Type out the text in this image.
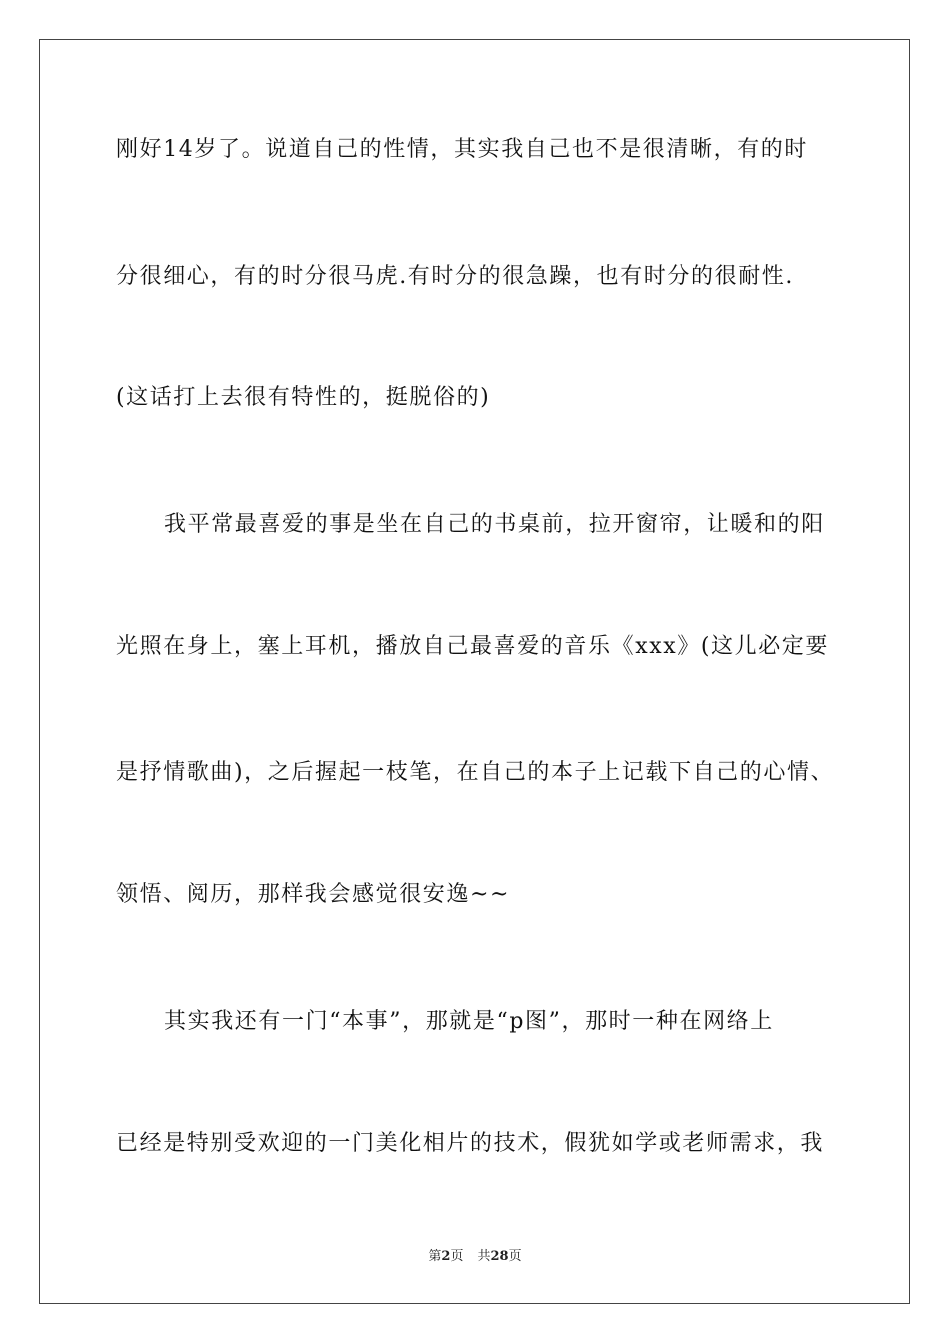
刚好14岁了。说道自己的性情，其实我自己也不是很清晰，有的时
分很细心，有的时分很马虎.有时分的很急躁，也有时分的很耐性.
(这话打上去很有特性的，挺脱俗的)
我平常最喜爱的事是坐在自己的书桌前，拉开窗帘，让暖和的阳
光照在身上，塞上耳机，播放自己最喜爱的音乐《xxx》(这儿必定要
是抒情歌曲)，之后握起一枝笔，在自己的本子上记载下自己的心情、
领悟、阅历，那样我会感觉很安逸~~
其实我还有一门“本事”，那就是“p图”，那时一种在网络上
已经是特别受欢迎的一门美化相片的技术，假犹如学或老师需求，我
第2页 共28页
